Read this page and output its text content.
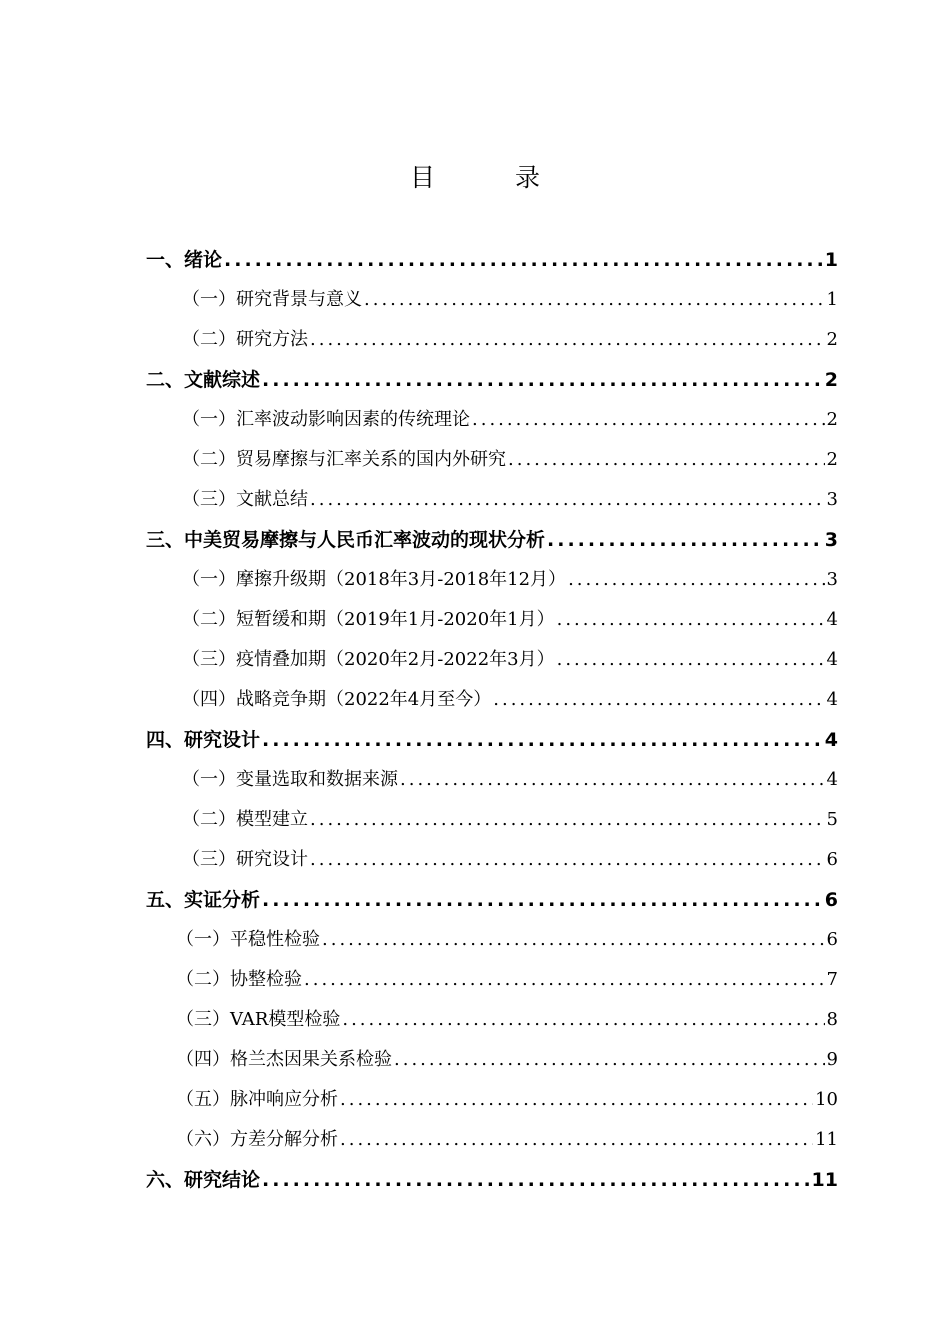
目 录
一、绪论 .....	1
（一）研究背景与意义 .....	1
（二）研究方法 .....	2
二、文献综述 .....	2
（一）汇率波动影响因素的传统理论 .....	2
（二）贸易摩擦与汇率关系的国内外研究 .....	2
（三）文献总结 .....	3
三、中美贸易摩擦与人民币汇率波动的现状分析 .....	3
（一）摩擦升级期（2018年3月-2018年12月） .....	3
（二）短暂缓和期（2019年1月-2020年1月） .....	4
（三）疫情叠加期（2020年2月-2022年3月） .....	4
（四）战略竞争期（2022年4月至今） .....	4
四、研究设计 .....	4
（一）变量选取和数据来源 .....	4
（二）模型建立 .....	5
（三）研究设计 .....	6
五、实证分析 .....	6
（一）平稳性检验 .....	6
（二）协整检验 .....	7
（三）VAR模型检验 .....	8
（四）格兰杰因果关系检验 .....	9
（五）脉冲响应分析 .....	10
（六）方差分解分析 .....	11
六、研究结论 .....	11
